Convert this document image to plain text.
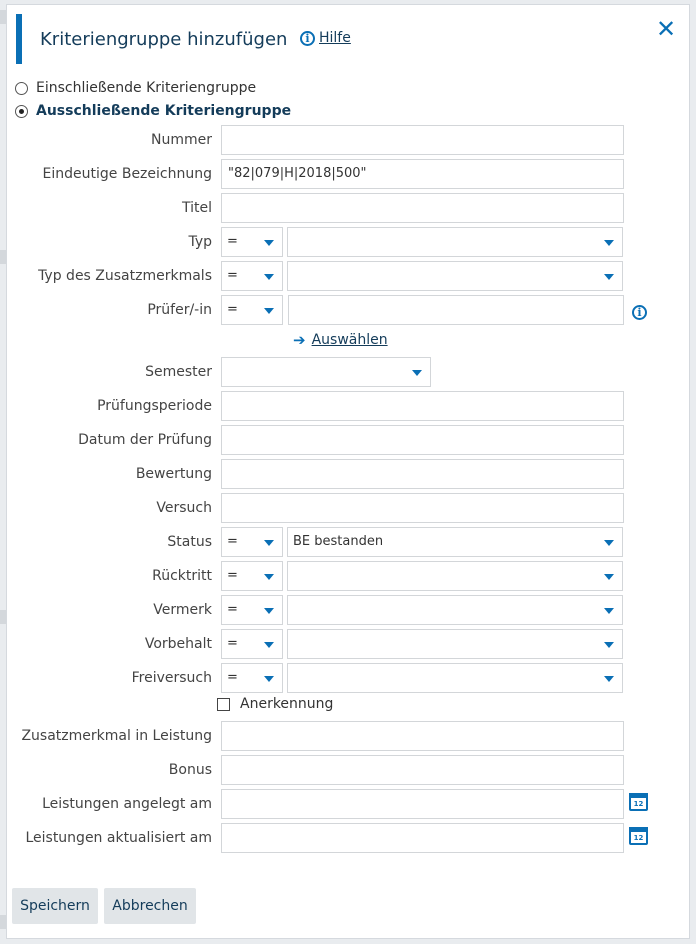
Kriteriengruppe hinzufügen	i Hilfe	✕
Einschließende Kriteriengruppe
Ausschließende Kriteriengruppe
Nummer
Eindeutige Bezeichnung	"82|079|H|2018|500"
Titel
Typ	=
Typ des Zusatzmerkmals	=
Prüfer/-in	=	i
➔ Auswählen
Semester
Prüfungsperiode
Datum der Prüfung
Bewertung
Versuch
Status	=	BE bestanden
Rücktritt	=
Vermerk	=
Vorbehalt	=
Freiversuch	=
Anerkennung
Zusatzmerkmal in Leistung
Bonus
Leistungen angelegt am	12
Leistungen aktualisiert am	12
Speichern	Abbrechen
